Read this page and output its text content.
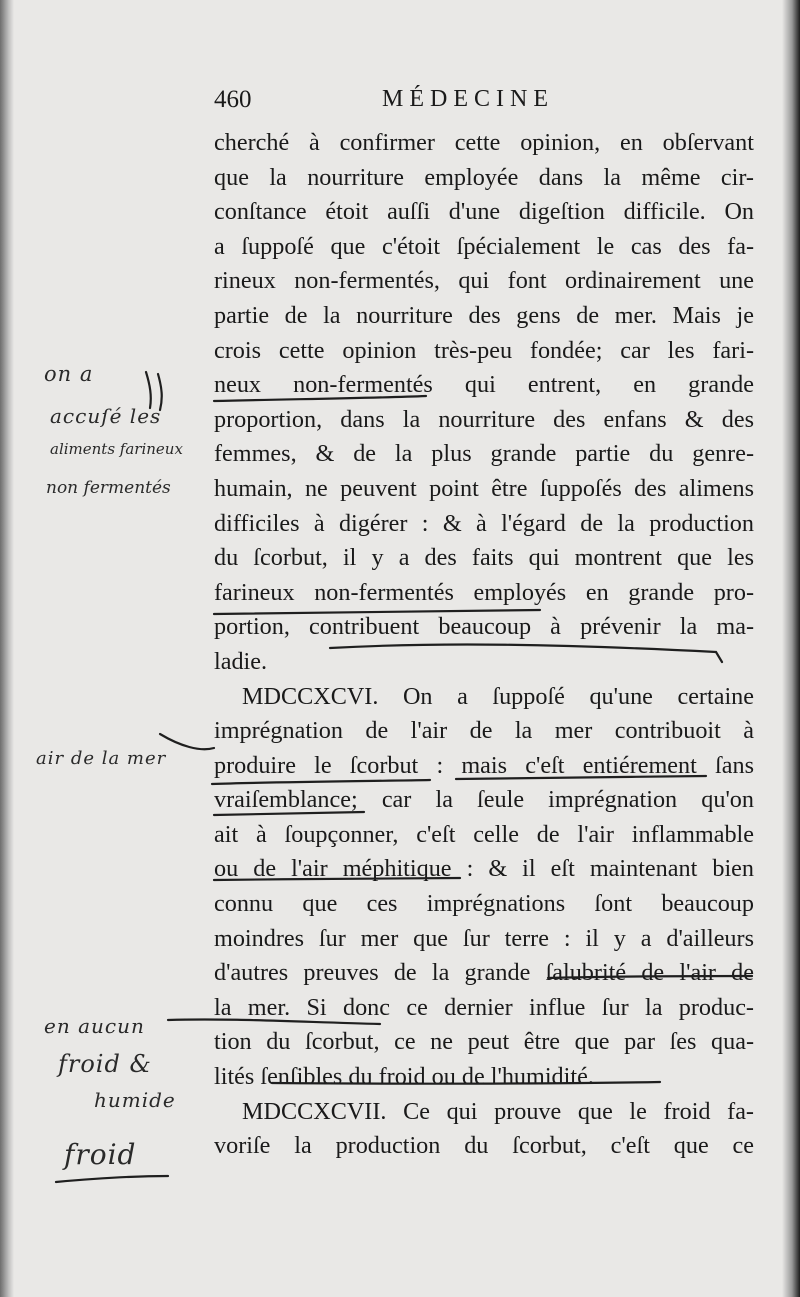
460	MÉDECINE
cherché à confirmer cette opinion, en obſervant
que la nourriture employée dans la même cir-
conſtance étoit auſſi d'une digeſtion difficile. On
a ſuppoſé que c'étoit ſpécialement le cas des fa-
rineux non-fermentés, qui font ordinairement une
partie de la nourriture des gens de mer. Mais je
crois cette opinion très-peu fondée; car les fari-
neux non-fermentés qui entrent, en grande
proportion, dans la nourriture des enfans & des
femmes, & de la plus grande partie du genre-
humain, ne peuvent point être ſuppoſés des alimens
difficiles à digérer : & à l'égard de la production
du ſcorbut, il y a des faits qui montrent que les
farineux non-fermentés employés en grande pro-
portion, contribuent beaucoup à prévenir la ma-
ladie.
MDCCXCVI. On a ſuppoſé qu'une certaine
imprégnation de l'air de la mer contribuoit à
produire le ſcorbut : mais c'eſt entiérement ſans
vraiſemblance; car la ſeule imprégnation qu'on
ait à ſoupçonner, c'eſt celle de l'air inflammable
ou de l'air méphitique : & il eſt maintenant bien
connu que ces imprégnations ſont beaucoup
moindres ſur mer que ſur terre : il y a d'ailleurs
d'autres preuves de la grande ſalubrité de l'air de
la mer. Si donc ce dernier influe ſur la produc-
tion du ſcorbut, ce ne peut être que par ſes qua-
lités ſenſibles du froid ou de l'humidité.
MDCCXCVII. Ce qui prouve que le froid fa-
voriſe la production du ſcorbut, c'eſt que ce
on a
accuſé les
aliments farineux
non fermentés
air de la mer
en aucun
froid &
humide
froid
